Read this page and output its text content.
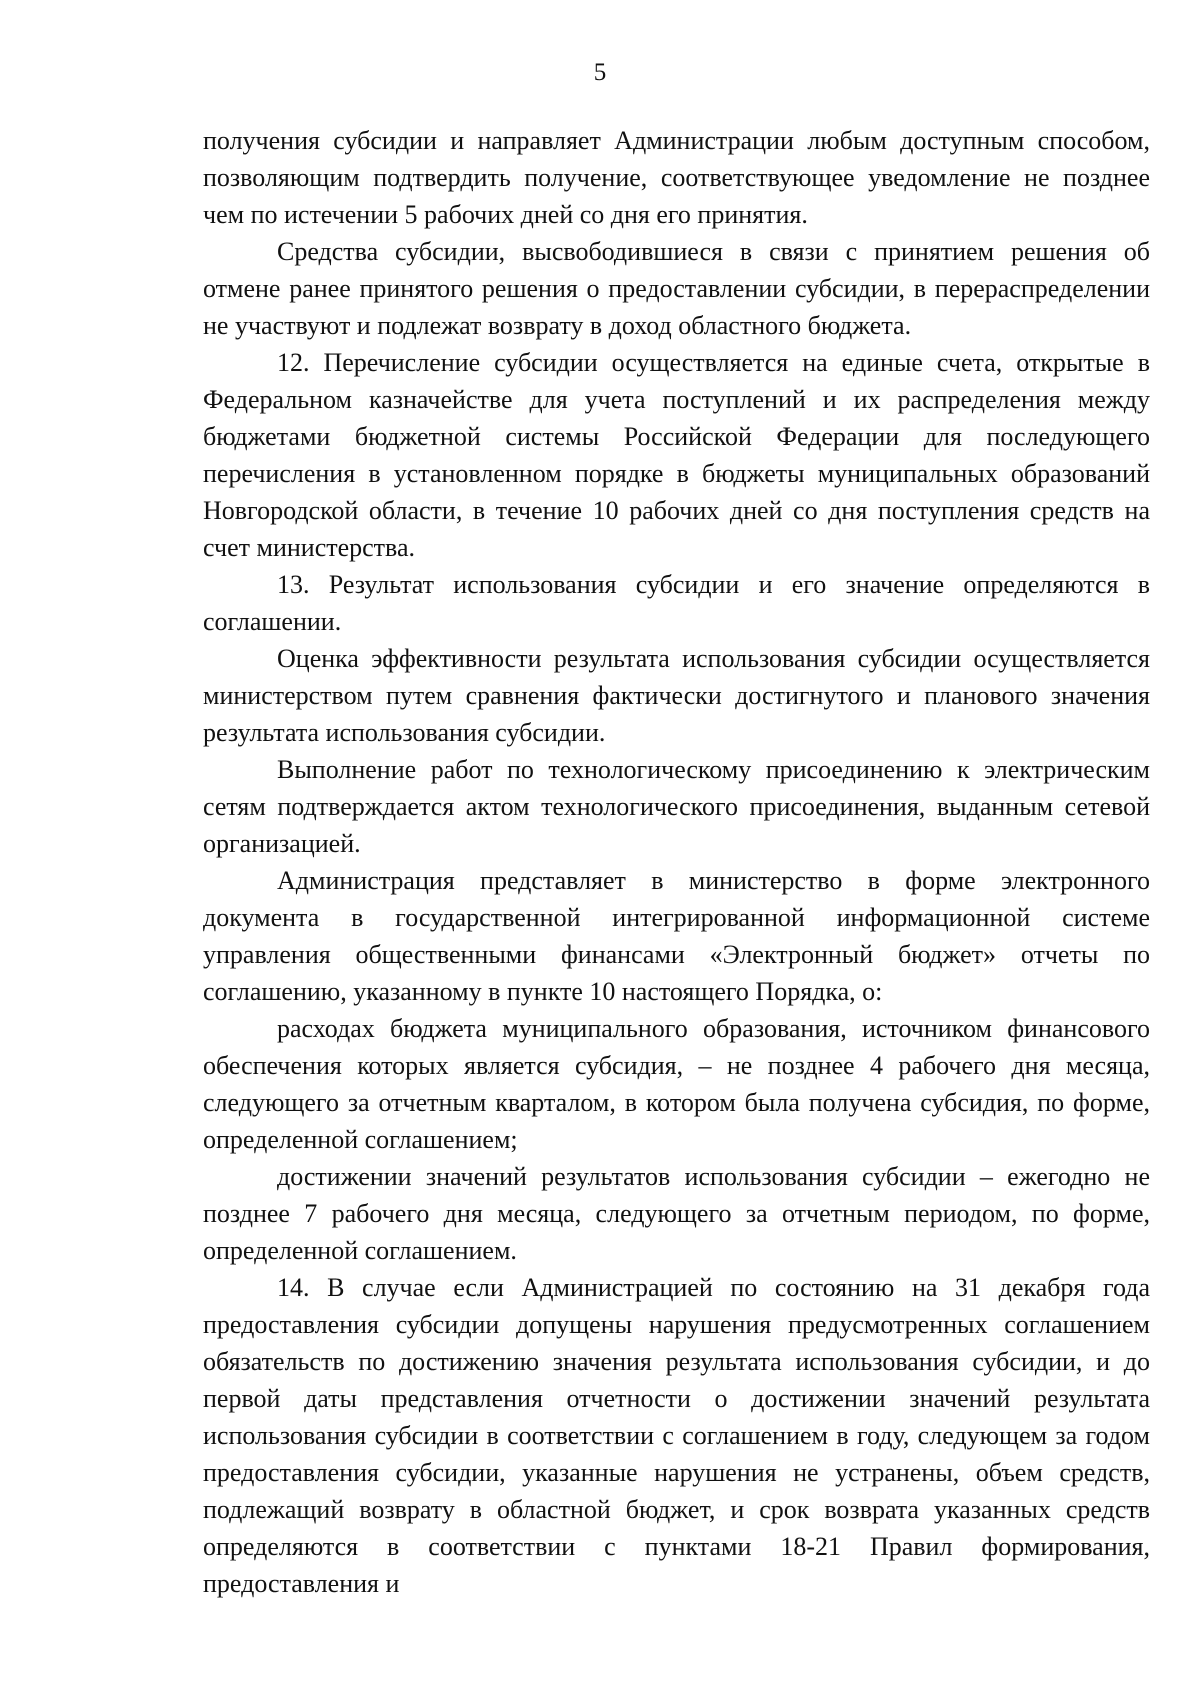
5

получения субсидии и направляет Администрации любым доступным способом, позволяющим подтвердить получение, соответствующее уведомление не позднее чем по истечении 5 рабочих дней со дня его принятия.

Средства субсидии, высвободившиеся в связи с принятием решения об отмене ранее принятого решения о предоставлении субсидии, в перераспределении не участвуют и подлежат возврату в доход областного бюджета.

12. Перечисление субсидии осуществляется на единые счета, открытые в Федеральном казначействе для учета поступлений и их распределения между бюджетами бюджетной системы Российской Федерации для последующего перечисления в установленном порядке в бюджеты муниципальных образований Новгородской области, в течение 10 рабочих дней со дня поступления средств на счет министерства.

13. Результат использования субсидии и его значение определяются в соглашении.

Оценка эффективности результата использования субсидии осуществляется министерством путем сравнения фактически достигнутого и планового значения результата использования субсидии.

Выполнение работ по технологическому присоединению к электрическим сетям подтверждается актом технологического присоединения, выданным сетевой организацией.

Администрация представляет в министерство в форме электронного документа в государственной интегрированной информационной системе управления общественными финансами «Электронный бюджет» отчеты по соглашению, указанному в пункте 10 настоящего Порядка, о:

расходах бюджета муниципального образования, источником финансового обеспечения которых является субсидия, – не позднее 4 рабочего дня месяца, следующего за отчетным кварталом, в котором была получена субсидия, по форме, определенной соглашением;

достижении значений результатов использования субсидии – ежегодно не позднее 7 рабочего дня месяца, следующего за отчетным периодом, по форме, определенной соглашением.

14. В случае если Администрацией по состоянию на 31 декабря года предоставления субсидии допущены нарушения предусмотренных соглашением обязательств по достижению значения результата использования субсидии, и до первой даты представления отчетности о достижении значений результата использования субсидии в соответствии с соглашением в году, следующем за годом предоставления субсидии, указанные нарушения не устранены, объем средств, подлежащий возврату в областной бюджет, и срок возврата указанных средств определяются в соответствии с пунктами 18-21 Правил формирования, предоставления и
